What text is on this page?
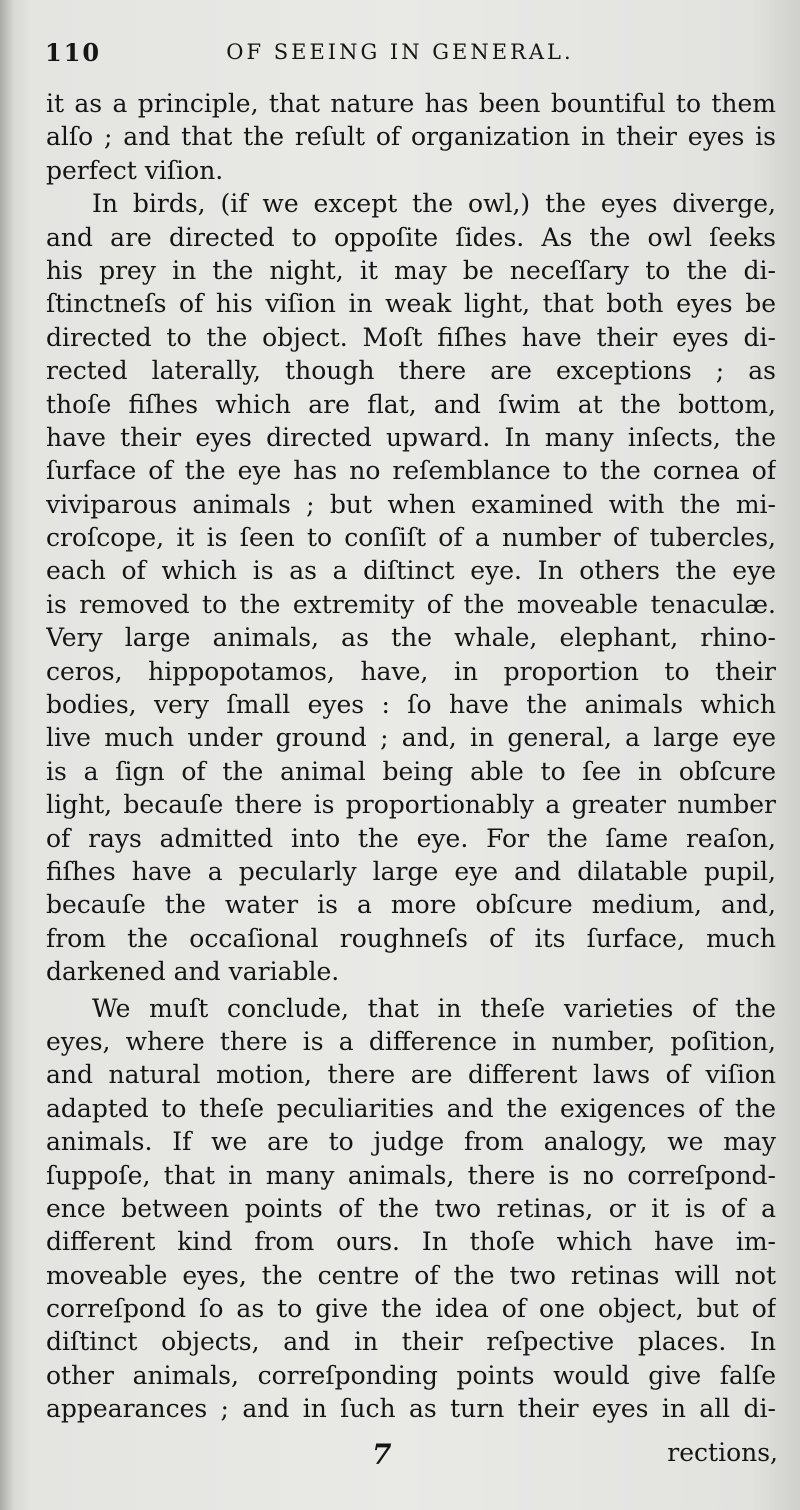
110	OF SEEING IN GENERAL.
it as a principle, that nature has been bountiful to them
alſo ; and that the reſult of organization in their eyes is
perfect viſion.
In birds, (if we except the owl,) the eyes diverge,
and are directed to oppoſite ſides. As the owl ſeeks
his prey in the night, it may be neceſſary to the di-
ſtinctneſs of his viſion in weak light, that both eyes be
directed to the object. Moſt fiſhes have their eyes di-
rected laterally, though there are exceptions ; as
thoſe fiſhes which are flat, and ſwim at the bottom,
have their eyes directed upward. In many inſects, the
ſurface of the eye has no reſemblance to the cornea of
viviparous animals ; but when examined with the mi-
croſcope, it is ſeen to conſiſt of a number of tubercles,
each of which is as a diſtinct eye. In others the eye
is removed to the extremity of the moveable tenaculæ.
Very large animals, as the whale, elephant, rhino-
ceros, hippopotamos, have, in proportion to their
bodies, very ſmall eyes : ſo have the animals which
live much under ground ; and, in general, a large eye
is a ſign of the animal being able to ſee in obſcure
light, becauſe there is proportionably a greater number
of rays admitted into the eye. For the ſame reaſon,
fiſhes have a pecularly large eye and dilatable pupil,
becauſe the water is a more obſcure medium, and,
from the occaſional roughneſs of its ſurface, much
darkened and variable.
We muſt conclude, that in theſe varieties of the
eyes, where there is a difference in number, poſition,
and natural motion, there are different laws of viſion
adapted to theſe peculiarities and the exigences of the
animals. If we are to judge from analogy, we may
ſuppoſe, that in many animals, there is no correſpond-
ence between points of the two retinas, or it is of a
different kind from ours. In thoſe which have im-
moveable eyes, the centre of the two retinas will not
correſpond ſo as to give the idea of one object, but of
diſtinct objects, and in their reſpective places. In
other animals, correſponding points would give falſe
appearances ; and in ſuch as turn their eyes in all di-
7	rections,
